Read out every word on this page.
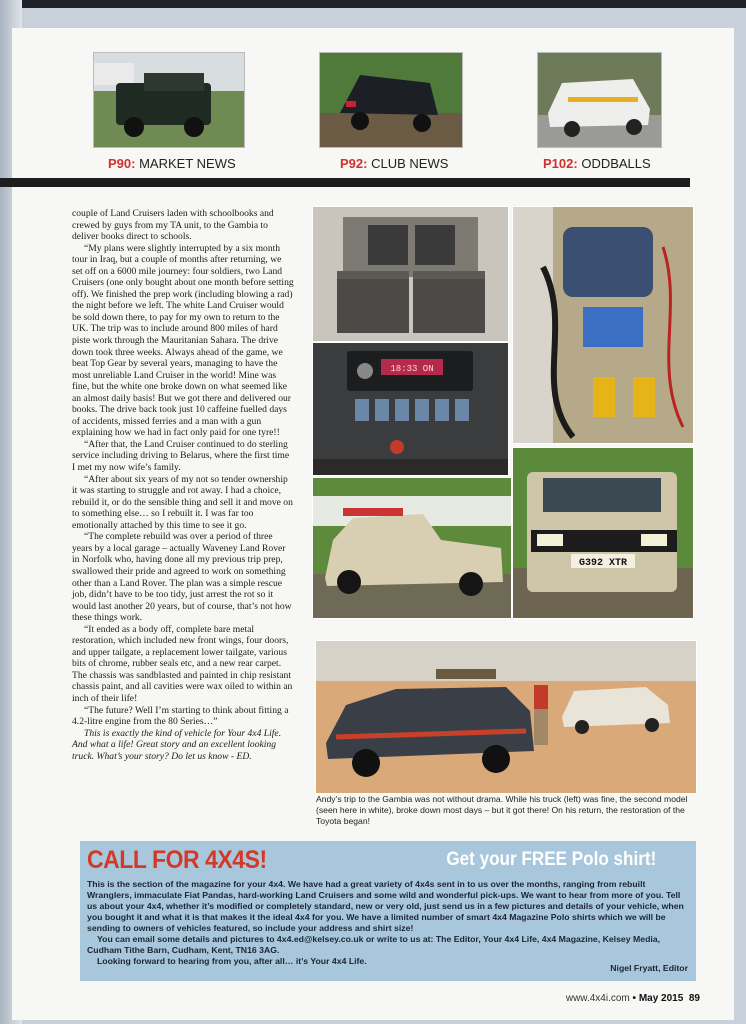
P90: MARKET NEWS	P92: CLUB NEWS	P102: ODDBALLS

couple of Land Cruisers laden with schoolbooks and crewed by guys from my TA unit, to the Gambia to deliver books direct to schools.

“My plans were slightly interrupted by a six month tour in Iraq, but a couple of months after returning, we set off on a 6000 mile journey: four soldiers, two Land Cruisers (one only bought about one month before setting off). We finished the prep work (including blowing a rad) the night before we left. The white Land Cruiser would be sold down there, to pay for my own to return to the UK. The trip was to include around 800 miles of hard piste work through the Mauritanian Sahara. The drive down took three weeks. Always ahead of the game, we beat Top Gear by several years, managing to have the most unreliable Land Cruiser in the world! Mine was fine, but the white one broke down on what seemed like an almost daily basis! But we got there and delivered our books. The drive back took just 10 caffeine fuelled days of accidents, missed ferries and a man with a gun explaining how we had in fact only paid for one tyre!!

“After that, the Land Cruiser continued to do sterling service including driving to Belarus, where the first time I met my now wife’s family.

“After about six years of my not so tender ownership it was starting to struggle and rot away. I had a choice, rebuild it, or do the sensible thing and sell it and move on to something else… so I rebuilt it. I was far too emotionally attached by this time to see it go.

“The complete rebuild was over a period of three years by a local garage – actually Waveney Land Rover in Norfolk who, having done all my previous trip prep, swallowed their pride and agreed to work on something other than a Land Rover. The plan was a simple rescue job, didn’t have to be too tidy, just arrest the rot so it would last another 20 years, but of course, that’s not how these things work.

“It ended as a body off, complete bare metal restoration, which included new front wings, four doors, and upper tailgate, a replacement lower tailgate, various bits of chrome, rubber seals etc, and a new rear carpet. The chassis was sandblasted and painted in chip resistant chassis paint, and all cavities were wax oiled to within an inch of their life!

“The future? Well I’m starting to think about fitting a 4.2-litre engine from the 80 Series…”

This is exactly the kind of vehicle for Your 4x4 Life. And what a life! Great story and an excellent looking truck. What’s your story? Do let us know - ED.

18:33 ON
G392 XTR
Andy’s trip to the Gambia was not without drama. While his truck (left) was fine, the second model (seen here in white), broke down most days – but it got there! On his return, the restoration of the Toyota began!
CALL FOR 4X4S!	Get your FREE Polo shirt!

This is the section of the magazine for your 4x4. We have had a great variety of 4x4s sent in to us over the months, ranging from rebuilt Wranglers, immaculate Fiat Pandas, hard-working Land Cruisers and some wild and wonderful pick-ups. We want to hear from more of you. Tell us about your 4x4, whether it’s modified or completely standard, new or very old, just send us in a few pictures and details of your vehicle, when you bought it and what it is that makes it the ideal 4x4 for you. We have a limited number of smart 4x4 Magazine Polo shirts which we will be sending to owners of vehicles featured, so include your address and shirt size!

You can email some details and pictures to 4x4.ed@kelsey.co.uk or write to us at: The Editor, Your 4x4 Life, 4x4 Magazine, Kelsey Media, Cudham Tithe Barn, Cudham, Kent, TN16 3AG.

Looking forward to hearing from you, after all… it’s Your 4x4 Life.

Nigel Fryatt, Editor
www.4x4i.com • May 2015 89
